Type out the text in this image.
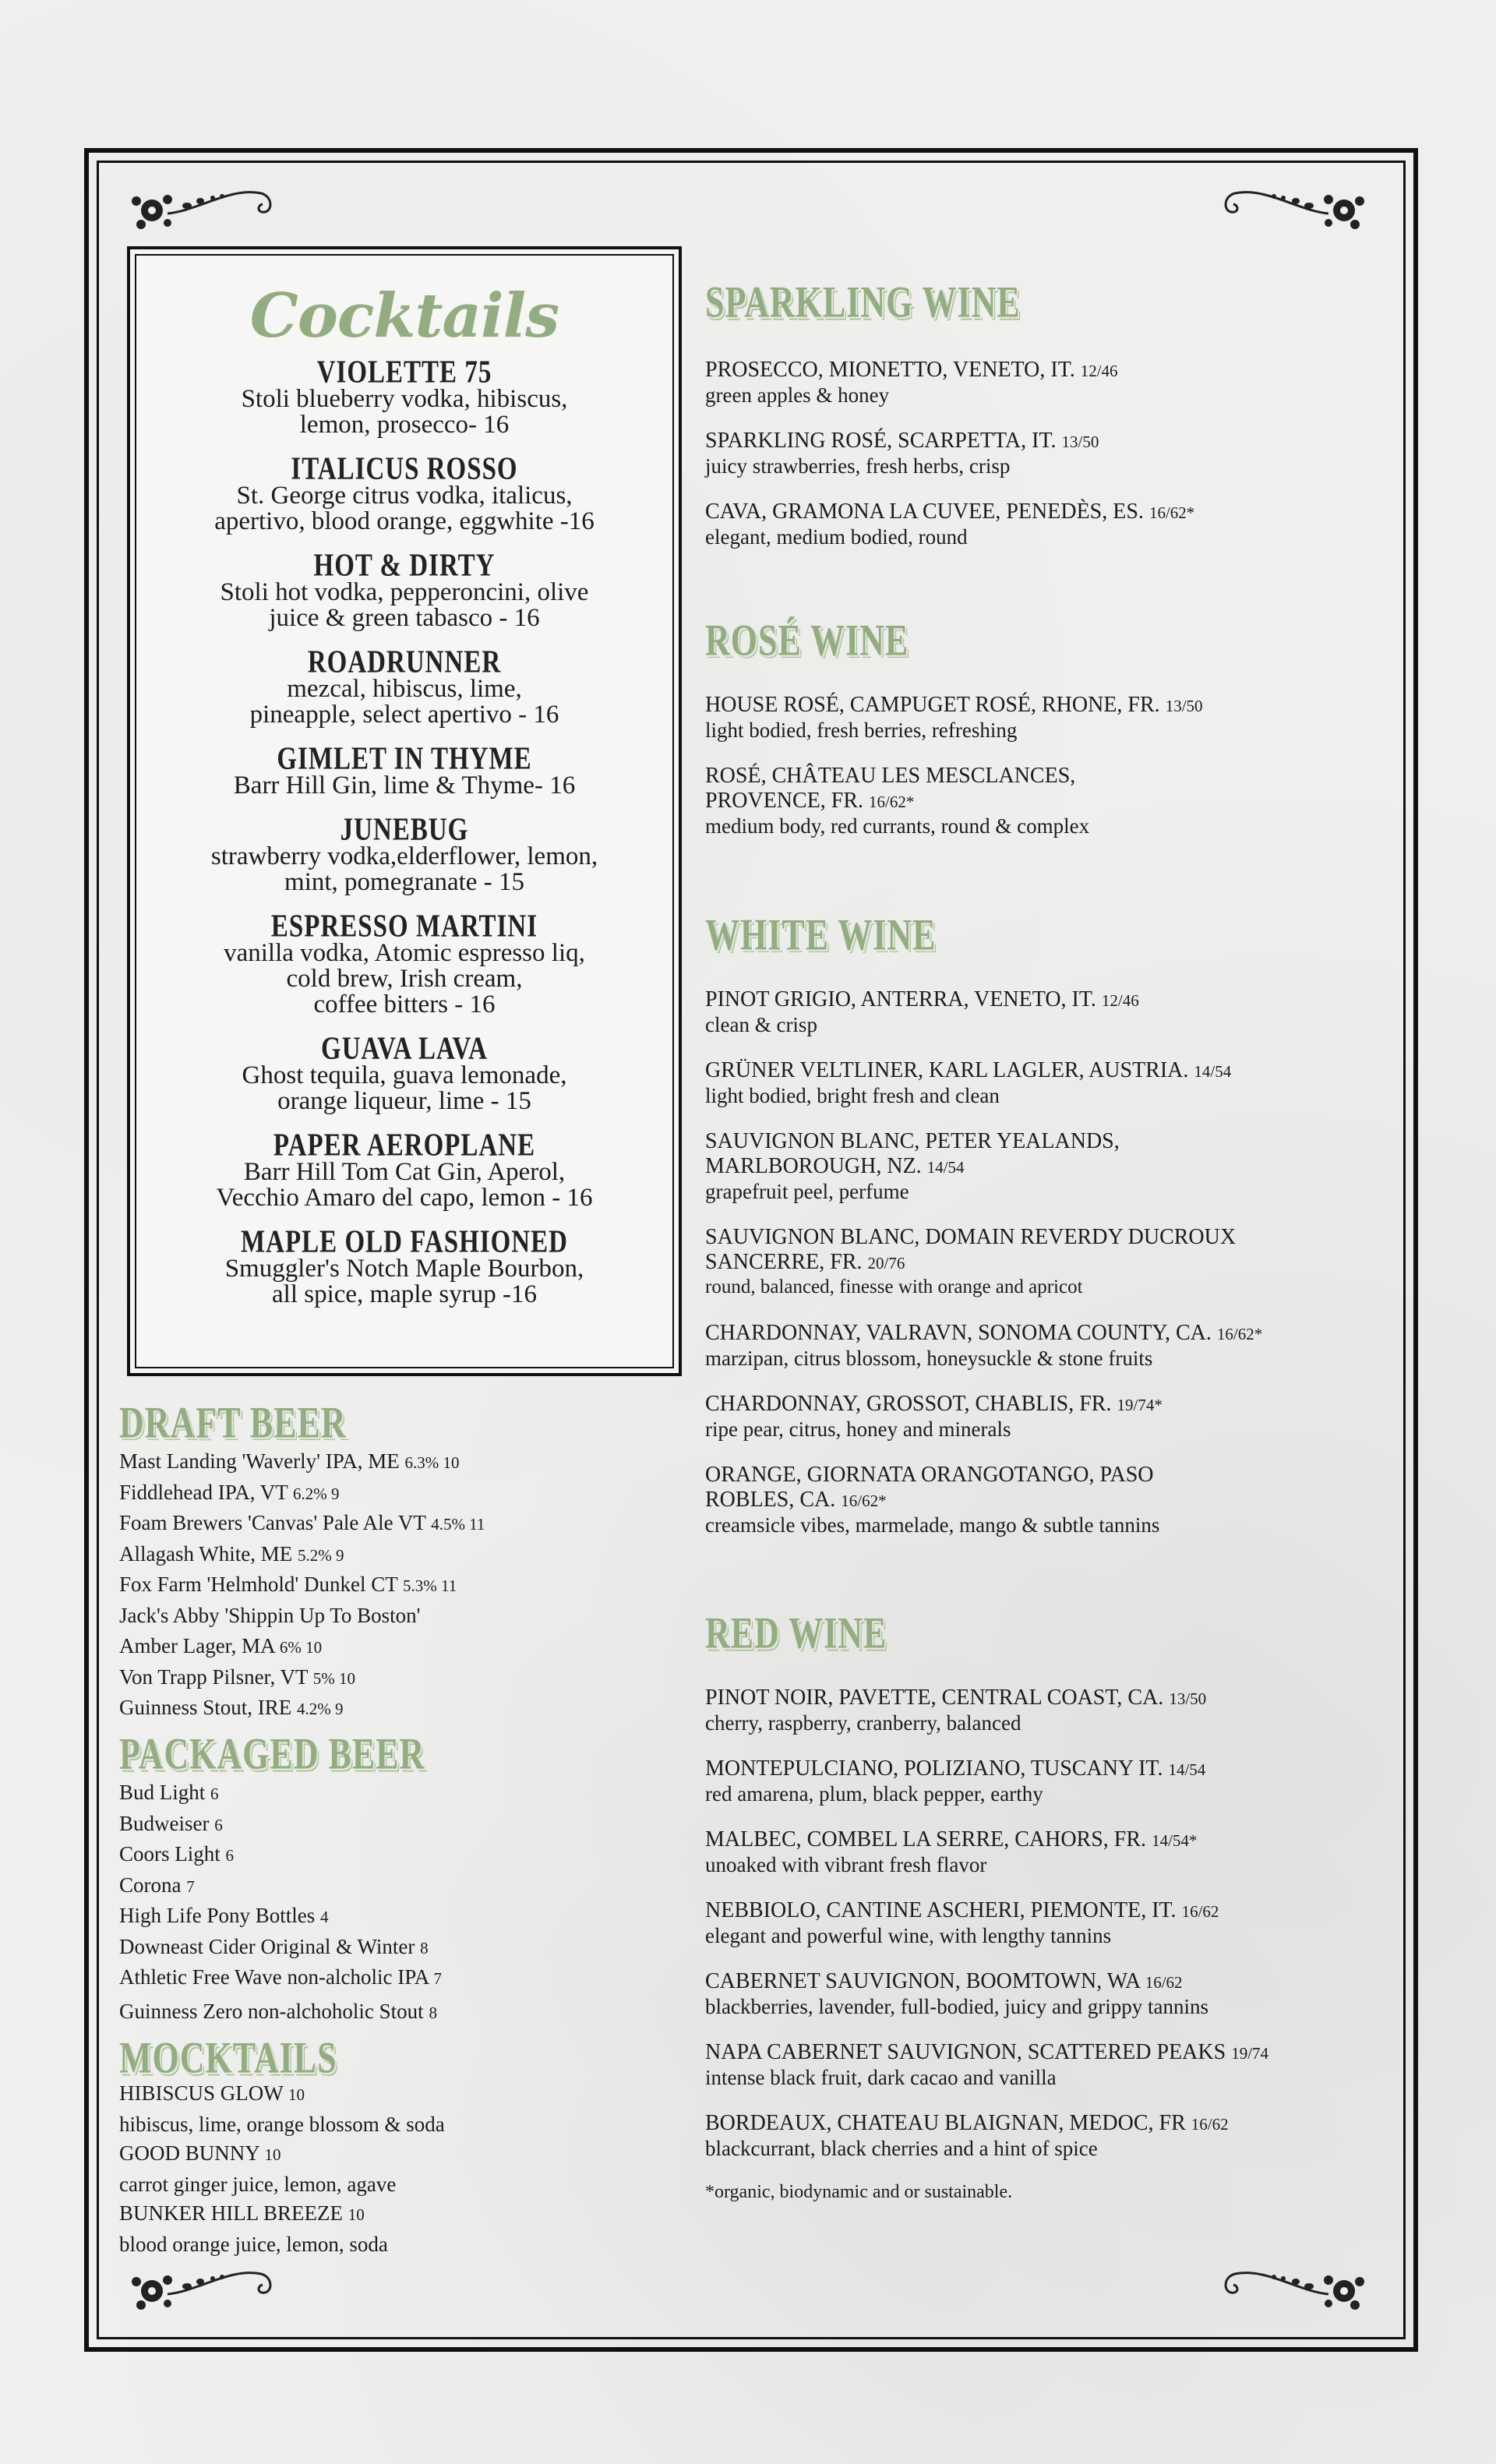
Cocktails
VIOLETTE 75
Stoli blueberry vodka, hibiscus,
lemon, prosecco- 16
ITALICUS ROSSO
St. George citrus vodka, italicus,
apertivo, blood orange, eggwhite -16
HOT & DIRTY
Stoli hot vodka, pepperoncini, olive
juice & green tabasco - 16
ROADRUNNER
mezcal, hibiscus, lime,
pineapple, select apertivo - 16
GIMLET IN THYME
Barr Hill Gin, lime & Thyme- 16
JUNEBUG
strawberry vodka,elderflower, lemon,
mint, pomegranate - 15
ESPRESSO MARTINI
vanilla vodka, Atomic espresso liq,
cold brew, Irish cream,
coffee bitters - 16
GUAVA LAVA
Ghost tequila, guava lemonade,
orange liqueur, lime - 15
PAPER AEROPLANE
Barr Hill Tom Cat Gin, Aperol,
Vecchio Amaro del capo, lemon - 16
MAPLE OLD FASHIONED
Smuggler's Notch Maple Bourbon,
all spice, maple syrup -16
DRAFT BEER
Mast Landing 'Waverly' IPA, ME 6.3% 10
Fiddlehead IPA, VT 6.2% 9
Foam Brewers 'Canvas' Pale Ale VT 4.5% 11
Allagash White, ME 5.2% 9
Fox Farm 'Helmhold' Dunkel CT 5.3% 11
Jack's Abby 'Shippin Up To Boston'
Amber Lager, MA 6% 10
Von Trapp Pilsner, VT 5% 10
Guinness Stout, IRE 4.2% 9
PACKAGED BEER
Bud Light 6
Budweiser 6
Coors Light 6
Corona 7
High Life Pony Bottles 4
Downeast Cider Original & Winter 8
Athletic Free Wave non-alcholic IPA 7
Guinness Zero non-alchoholic Stout 8
MOCKTAILS
HIBISCUS GLOW 10
hibiscus, lime, orange blossom & soda
GOOD BUNNY 10
carrot ginger juice, lemon, agave
BUNKER HILL BREEZE 10
blood orange juice, lemon, soda
SPARKLING WINE
PROSECCO, MIONETTO, VENETO, IT. 12/46
green apples & honey
SPARKLING ROSÉ, SCARPETTA, IT. 13/50
juicy strawberries, fresh herbs, crisp
CAVA, GRAMONA LA CUVEE, PENEDÈS, ES. 16/62*
elegant, medium bodied, round
ROSÉ WINE
HOUSE ROSÉ, CAMPUGET ROSÉ, RHONE, FR. 13/50
light bodied, fresh berries, refreshing
ROSÉ, CHÂTEAU LES MESCLANCES, PROVENCE, FR. 16/62*
medium body, red currants, round & complex
WHITE WINE
PINOT GRIGIO, ANTERRA, VENETO, IT. 12/46
clean & crisp
GRÜNER VELTLINER, KARL LAGLER, AUSTRIA. 14/54
light bodied, bright fresh and clean
SAUVIGNON BLANC, PETER YEALANDS, MARLBOROUGH, NZ. 14/54
grapefruit peel, perfume
SAUVIGNON BLANC, DOMAIN REVERDY DUCROUX SANCERRE, FR. 20/76
round, balanced, finesse with orange and apricot
CHARDONNAY, VALRAVN, SONOMA COUNTY, CA. 16/62*
marzipan, citrus blossom, honeysuckle & stone fruits
CHARDONNAY, GROSSOT, CHABLIS, FR. 19/74*
ripe pear, citrus, honey and minerals
ORANGE, GIORNATA ORANGOTANGO, PASO ROBLES, CA. 16/62*
creamsicle vibes, marmelade, mango & subtle tannins
RED WINE
PINOT NOIR, PAVETTE, CENTRAL COAST, CA. 13/50
cherry, raspberry, cranberry, balanced
MONTEPULCIANO, POLIZIANO, TUSCANY IT. 14/54
red amarena, plum, black pepper, earthy
MALBEC, COMBEL LA SERRE, CAHORS, FR. 14/54*
unoaked with vibrant fresh flavor
NEBBIOLO, CANTINE ASCHERI, PIEMONTE, IT. 16/62
elegant and powerful wine, with lengthy tannins
CABERNET SAUVIGNON, BOOMTOWN, WA 16/62
blackberries, lavender, full-bodied, juicy and grippy tannins
NAPA CABERNET SAUVIGNON, SCATTERED PEAKS 19/74
intense black fruit, dark cacao and vanilla
BORDEAUX, CHATEAU BLAIGNAN, MEDOC, FR 16/62
blackcurrant, black cherries and a hint of spice
*organic, biodynamic and or sustainable.
